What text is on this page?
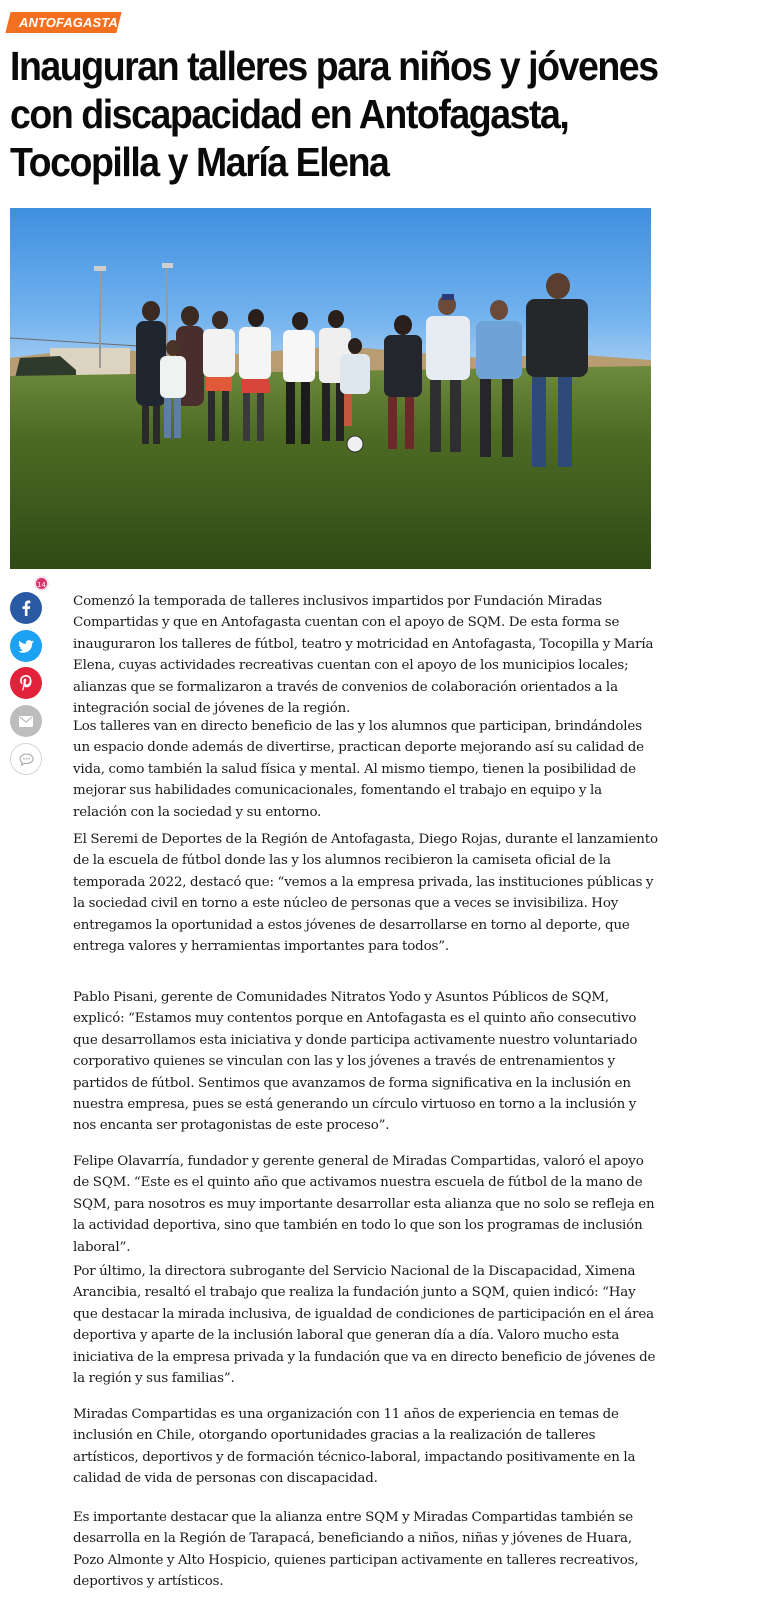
ANTOFAGASTA
Inauguran talleres para niños y jóvenes con discapacidad en Antofagasta, Tocopilla y María Elena
14

Comenzó la temporada de talleres inclusivos impartidos por Fundación Miradas Compartidas y que en Antofagasta cuentan con el apoyo de SQM. De esta forma se inauguraron los talleres de fútbol, teatro y motricidad en Antofagasta, Tocopilla y María Elena, cuyas actividades recreativas cuentan con el apoyo de los municipios locales; alianzas que se formalizaron a través de convenios de colaboración orientados a la integración social de jóvenes de la región.

Los talleres van en directo beneficio de las y los alumnos que participan, brindándoles un espacio donde además de divertirse, practican deporte mejorando así su calidad de vida, como también la salud física y mental. Al mismo tiempo, tienen la posibilidad de mejorar sus habilidades comunicacionales, fomentando el trabajo en equipo y la relación con la sociedad y su entorno.

El Seremi de Deportes de la Región de Antofagasta, Diego Rojas, durante el lanzamiento de la escuela de fútbol donde las y los alumnos recibieron la camiseta oficial de la temporada 2022, destacó que: “vemos a la empresa privada, las instituciones públicas y la sociedad civil en torno a este núcleo de personas que a veces se invisibiliza. Hoy entregamos la oportunidad a estos jóvenes de desarrollarse en torno al deporte, que entrega valores y herramientas importantes para todos”.

Pablo Pisani, gerente de Comunidades Nitratos Yodo y Asuntos Públicos de SQM, explicó: “Estamos muy contentos porque en Antofagasta es el quinto año consecutivo que desarrollamos esta iniciativa y donde participa activamente nuestro voluntariado corporativo quienes se vinculan con las y los jóvenes a través de entrenamientos y partidos de fútbol. Sentimos que avanzamos de forma significativa en la inclusión en nuestra empresa, pues se está generando un círculo virtuoso en torno a la inclusión y nos encanta ser protagonistas de este proceso”.

Felipe Olavarría, fundador y gerente general de Miradas Compartidas, valoró el apoyo de SQM. “Este es el quinto año que activamos nuestra escuela de fútbol de la mano de SQM, para nosotros es muy importante desarrollar esta alianza que no solo se refleja en la actividad deportiva, sino que también en todo lo que son los programas de inclusión laboral”.

Por último, la directora subrogante del Servicio Nacional de la Discapacidad, Ximena Arancibia, resaltó el trabajo que realiza la fundación junto a SQM, quien indicó: “Hay que destacar la mirada inclusiva, de igualdad de condiciones de participación en el área deportiva y aparte de la inclusión laboral que generan día a día. Valoro mucho esta iniciativa de la empresa privada y la fundación que va en directo beneficio de jóvenes de la región y sus familias”.

Miradas Compartidas es una organización con 11 años de experiencia en temas de inclusión en Chile, otorgando oportunidades gracias a la realización de talleres artísticos, deportivos y de formación técnico-laboral, impactando positivamente en la calidad de vida de personas con discapacidad.

Es importante destacar que la alianza entre SQM y Miradas Compartidas también se desarrolla en la Región de Tarapacá, beneficiando a niños, niñas y jóvenes de Huara, Pozo Almonte y Alto Hospicio, quienes participan activamente en talleres recreativos, deportivos y artísticos.
